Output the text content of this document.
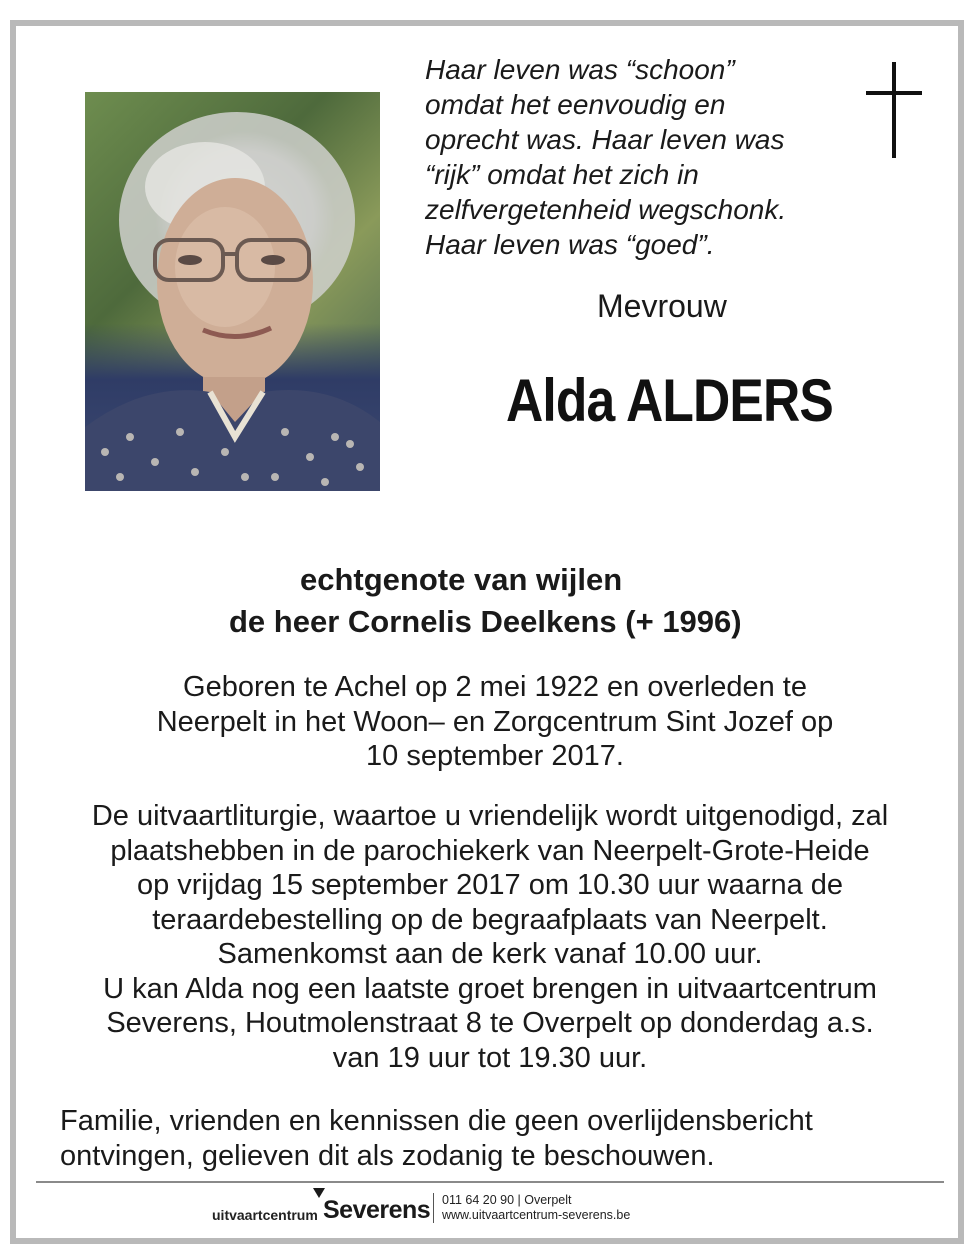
Haar leven was “schoon”
omdat het eenvoudig en
oprecht was. Haar leven was
“rijk” omdat het zich in
zelfvergetenheid wegschonk.
Haar leven was “goed”.

Mevrouw
Alda ALDERS
echtgenote van wijlen
de heer Cornelis Deelkens (+ 1996)
Geboren te Achel op 2 mei 1922 en overleden te
Neerpelt in het Woon– en Zorgcentrum Sint Jozef op
10 september 2017.
De uitvaartliturgie, waartoe u vriendelijk wordt uitgenodigd, zal
plaatshebben in de parochiekerk van Neerpelt-Grote-Heide
op vrijdag 15 september 2017 om 10.30 uur waarna de
teraardebestelling op de begraafplaats van Neerpelt.
Samenkomst aan de kerk vanaf 10.00 uur.
U kan Alda nog een laatste groet brengen in uitvaartcentrum
Severens, Houtmolenstraat 8 te Overpelt op donderdag a.s.
van 19 uur tot 19.30 uur.
Familie, vrienden en kennissen die geen overlijdensbericht
ontvingen, gelieven dit als zodanig te beschouwen.
uitvaartcentrum Severens 011 64 20 90 | Overpelt
www.uitvaartcentrum-severens.be
